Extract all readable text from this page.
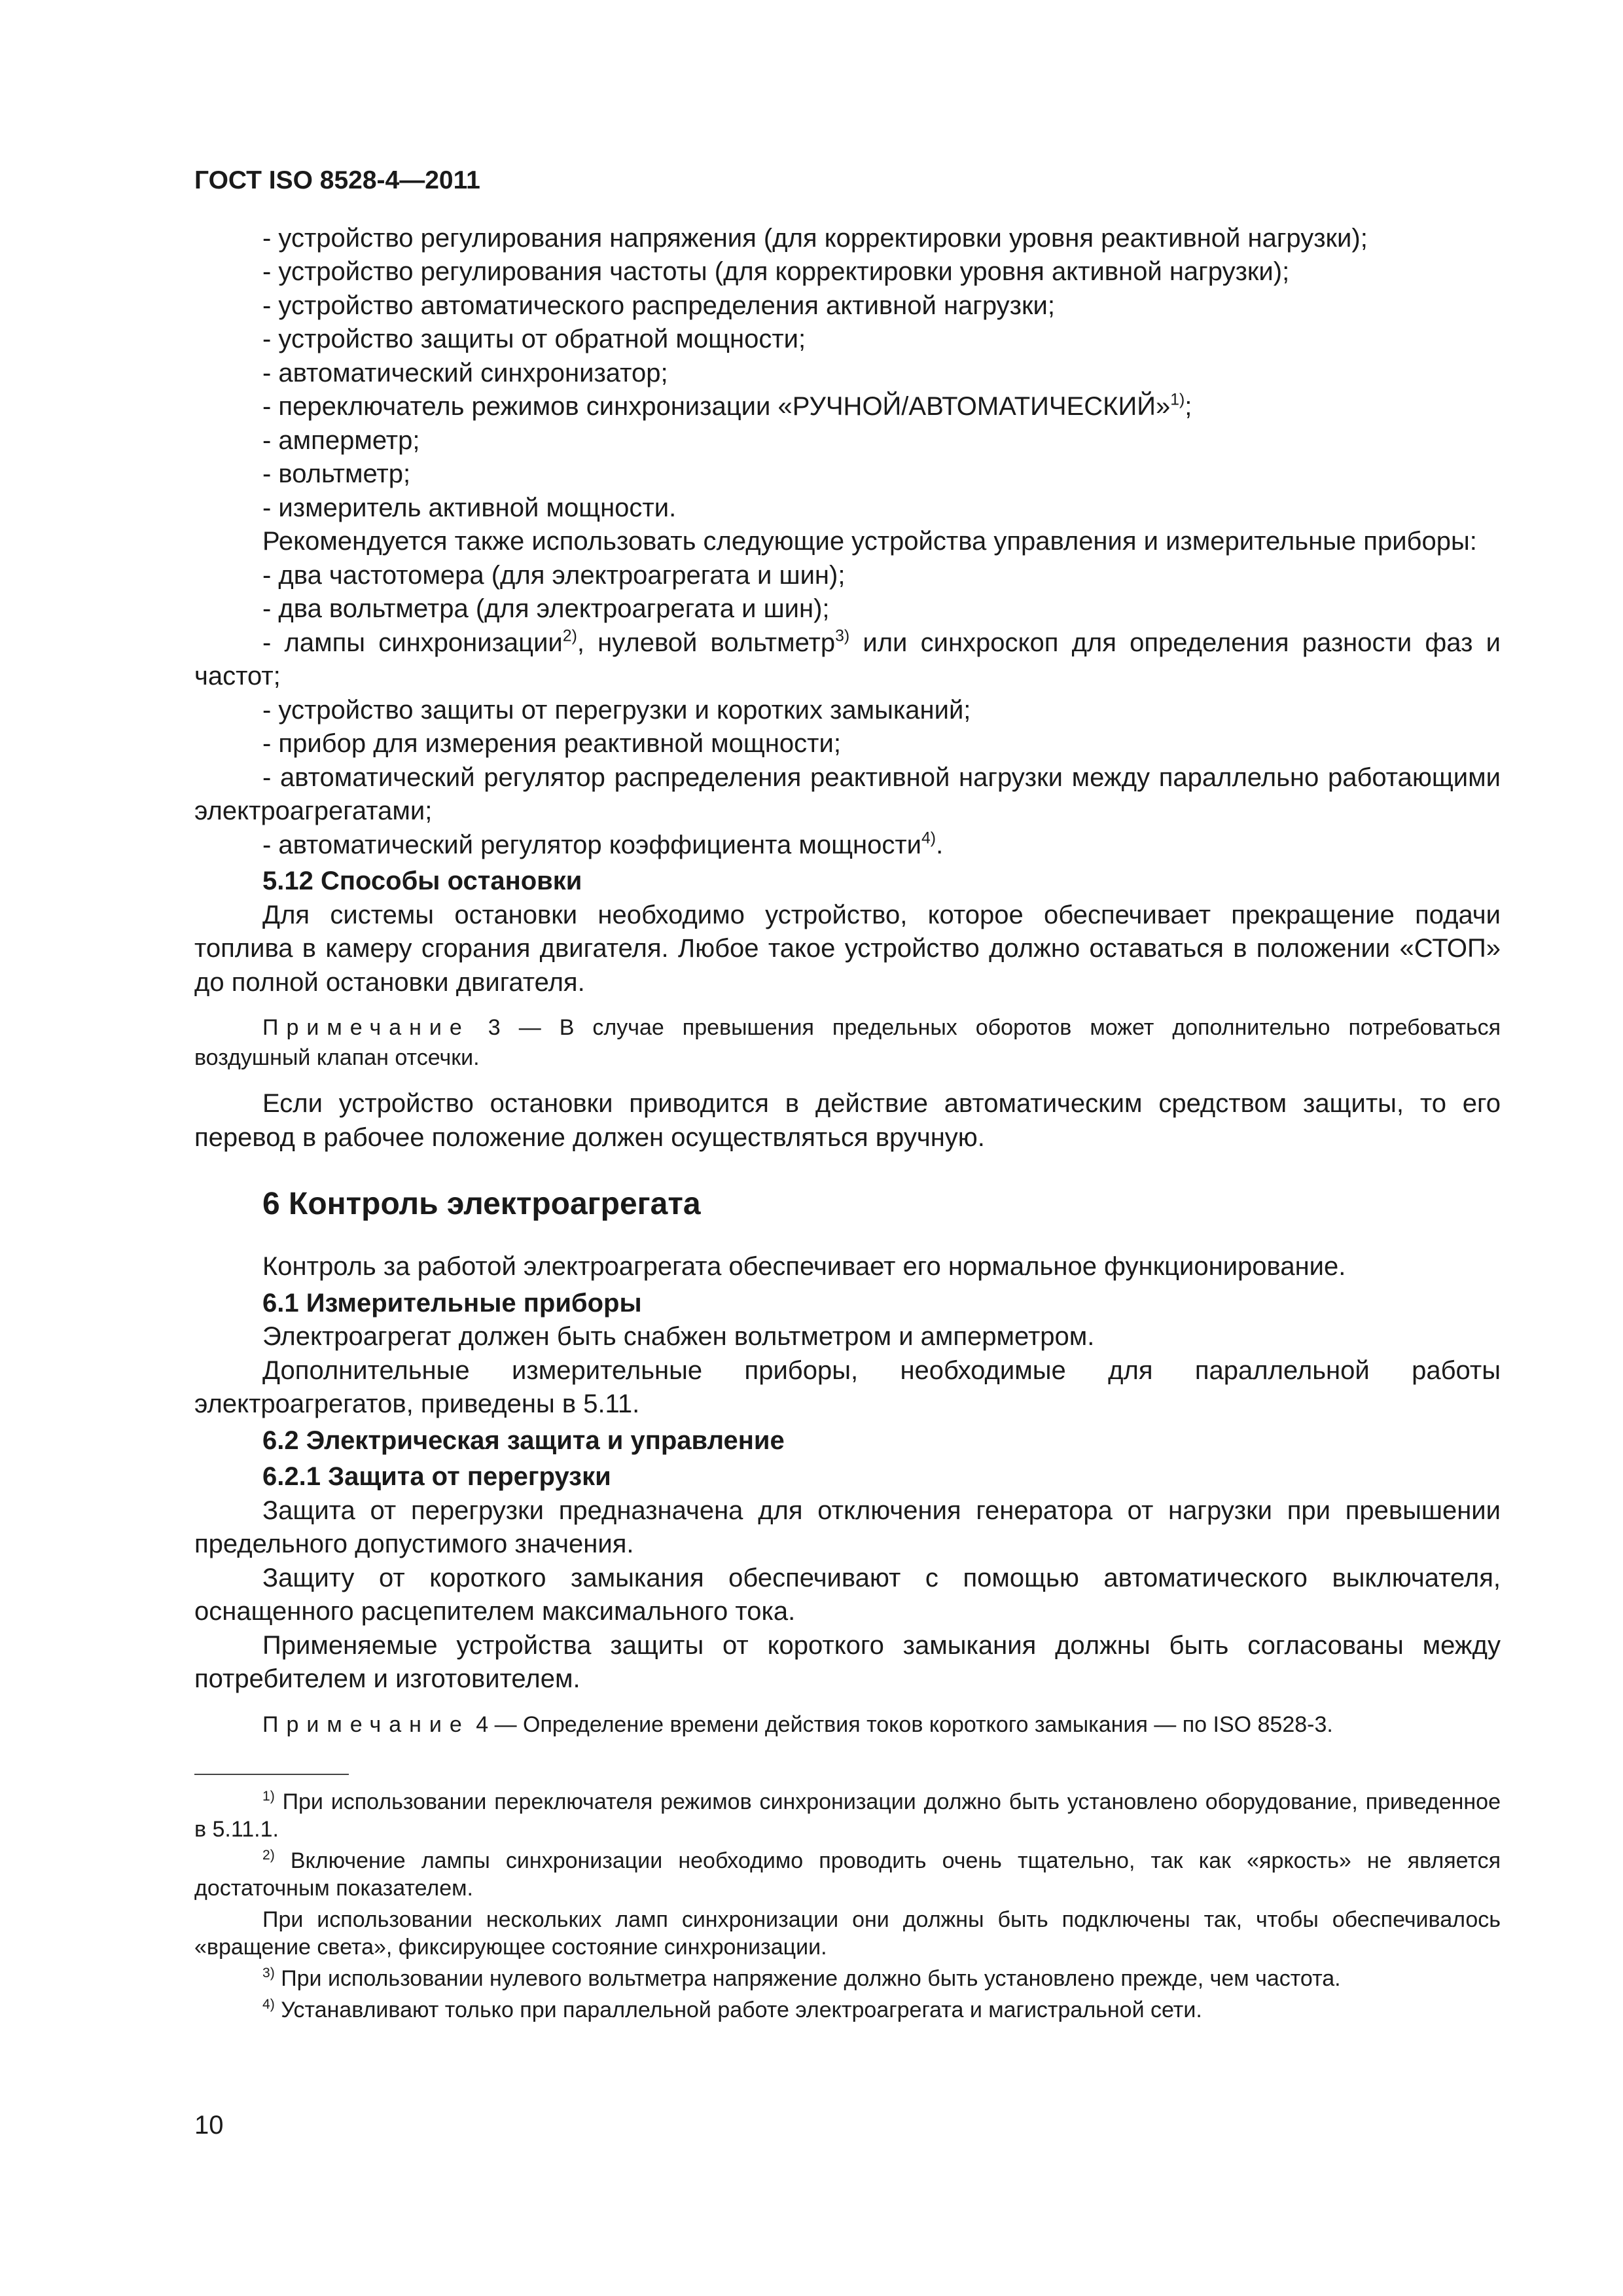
ГОСТ ISO 8528-4—2011

- устройство регулирования напряжения (для корректировки уровня реактивной нагрузки);

- устройство регулирования частоты (для корректировки уровня активной нагрузки);

- устройство автоматического распределения активной нагрузки;

- устройство защиты от обратной мощности;

- автоматический синхронизатор;

- переключатель режимов синхронизации «РУЧНОЙ/АВТОМАТИЧЕСКИЙ»$^{1)}$;

- амперметр;

- вольтметр;

- измеритель активной мощности.

Рекомендуется также использовать следующие устройства управления и измерительные приборы:

- два частотомера (для электроагрегата и шин);

- два вольтметра (для электроагрегата и шин);

- лампы синхронизации$^{2)}$, нулевой вольтметр$^{3)}$ или синхроскоп для определения разности фаз и частот;

- устройство защиты от перегрузки и коротких замыканий;

- прибор для измерения реактивной мощности;

- автоматический регулятор распределения реактивной нагрузки между параллельно работающими электроагрегатами;

- автоматический регулятор коэффициента мощности$^{4)}$.

5.12 Способы остановки

Для системы остановки необходимо устройство, которое обеспечивает прекращение подачи топлива в камеру сгорания двигателя. Любое такое устройство должно оставаться в положении «СТОП» до полной остановки двигателя.

Примечание 3 — В случае превышения предельных оборотов может дополнительно потребоваться воздушный клапан отсечки.

Если устройство остановки приводится в действие автоматическим средством защиты, то его перевод в рабочее положение должен осуществляться вручную.

6 Контроль электроагрегата

Контроль за работой электроагрегата обеспечивает его нормальное функционирование.

6.1 Измерительные приборы

Электроагрегат должен быть снабжен вольтметром и амперметром.

Дополнительные измерительные приборы, необходимые для параллельной работы электроагрегатов, приведены в 5.11.

6.2 Электрическая защита и управление

6.2.1 Защита от перегрузки

Защита от перегрузки предназначена для отключения генератора от нагрузки при превышении предельного допустимого значения.

Защиту от короткого замыкания обеспечивают с помощью автоматического выключателя, оснащенного расцепителем максимального тока.

Применяемые устройства защиты от короткого замыкания должны быть согласованы между потребителем и изготовителем.

Примечание 4 — Определение времени действия токов короткого замыкания — по ISO 8528-3.

$^{1)}$ При использовании переключателя режимов синхронизации должно быть установлено оборудование, приведенное в 5.11.1.

$^{2)}$ Включение лампы синхронизации необходимо проводить очень тщательно, так как «яркость» не является достаточным показателем.

При использовании нескольких ламп синхронизации они должны быть подключены так, чтобы обеспечивалось «вращение света», фиксирующее состояние синхронизации.

$^{3)}$ При использовании нулевого вольтметра напряжение должно быть установлено прежде, чем частота.

$^{4)}$ Устанавливают только при параллельной работе электроагрегата и магистральной сети.

10
